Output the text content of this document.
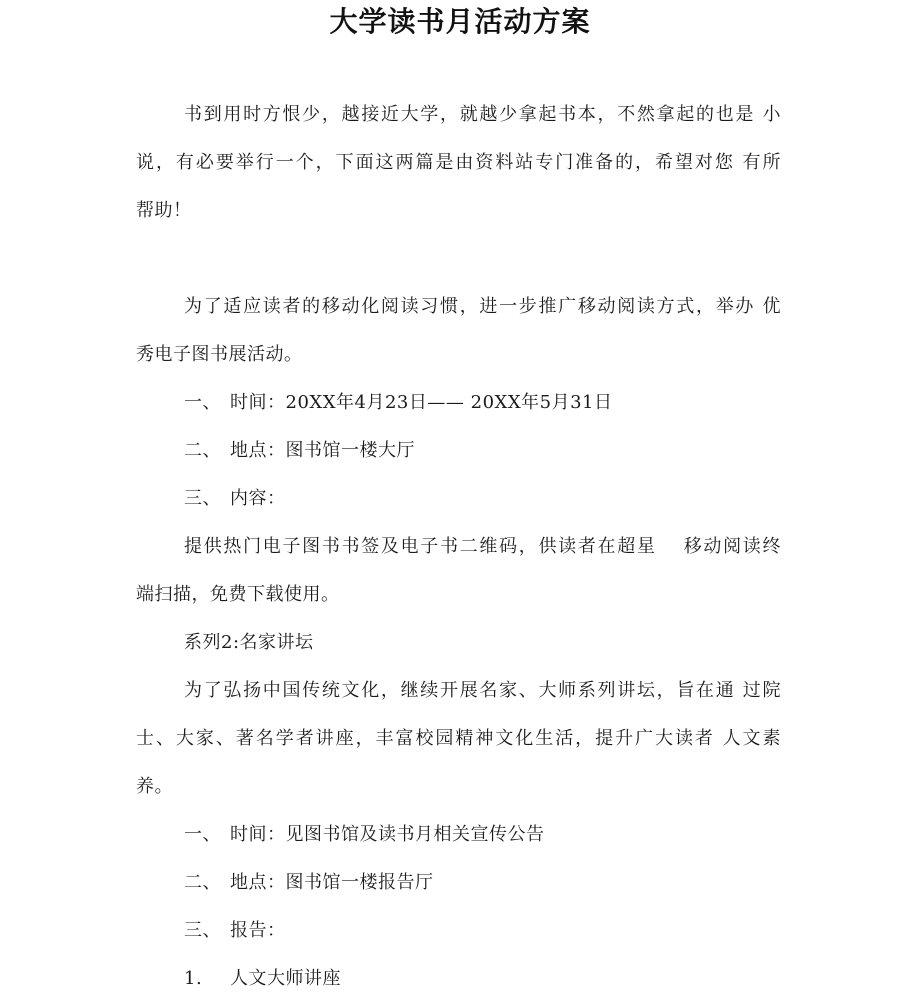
大学读书月活动方案
书到用时方恨少，越接近大学，就越少拿起书本，不然拿起的也是 小
说，有必要举行一个，下面这两篇是由资料站专门准备的，希望对您 有所
帮助！
为了适应读者的移动化阅读习惯，进一步推广移动阅读方式，举办 优
秀电子图书展活动。
一、 时间：20XX年4月23日—— 20XX年5月31日
二、 地点：图书馆一楼大厅
三、 内容：
提供热门电子图书书签及电子书二维码，供读者在超星　 移动阅读终
端扫描，免费下载使用。
系列2:名家讲坛
为了弘扬中国传统文化，继续开展名家、大师系列讲坛，旨在通 过院
士、大家、著名学者讲座，丰富校园精神文化生活，提升广大读者 人文素
养。
一、 时间：见图书馆及读书月相关宣传公告
二、 地点：图书馆一楼报告厅
三、 报告：
1. 人文大师讲座
